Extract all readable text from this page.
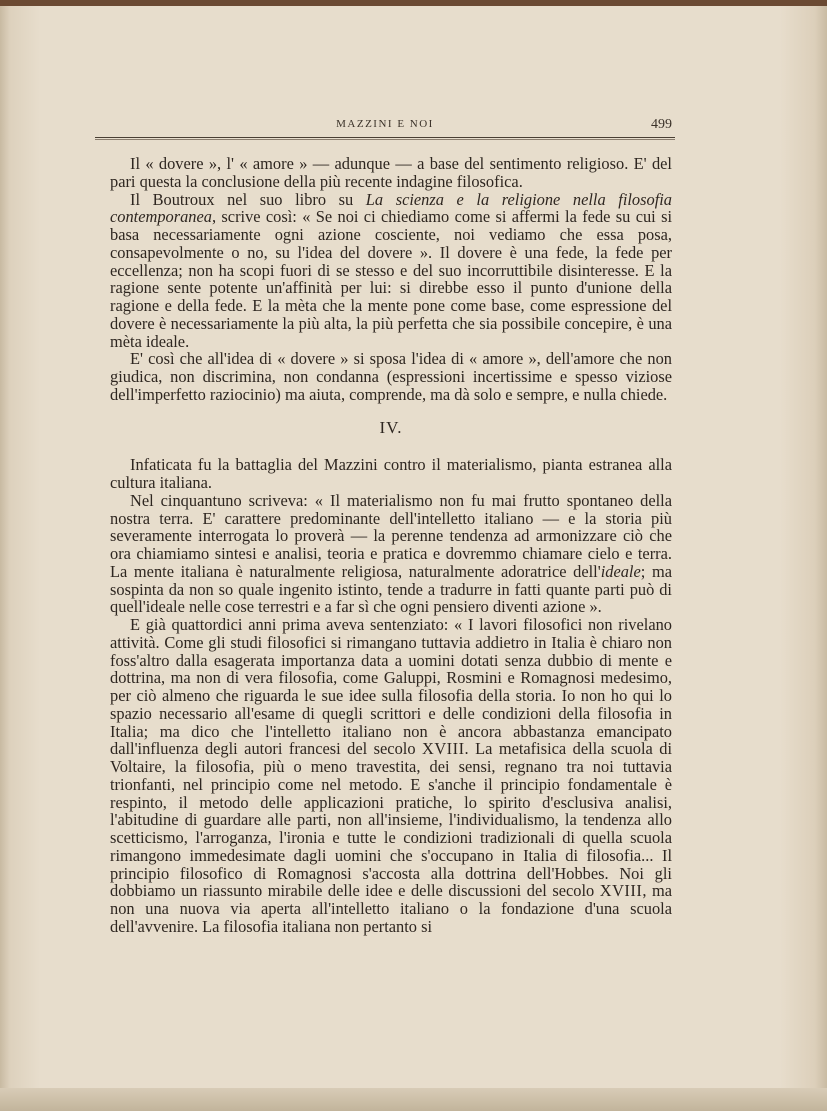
MAZZINI E NOI	499

Il « dovere », l' « amore » — adunque — a base del sentimento religioso. E' del pari questa la conclusione della più recente indagine filosofica.

Il Boutroux nel suo libro su La scienza e la religione nella filosofia contemporanea, scrive così: « Se noi ci chiediamo come si affermi la fede su cui si basa necessariamente ogni azione cosciente, noi vediamo che essa posa, consapevolmente o no, su l'idea del dovere ». Il dovere è una fede, la fede per eccellenza; non ha scopi fuori di se stesso e del suo incorruttibile disinteresse. E la ragione sente potente un'affinità per lui: si direbbe esso il punto d'unione della ragione e della fede. E la mèta che la mente pone come base, come espressione del dovere è necessariamente la più alta, la più perfetta che sia possibile concepire, è una mèta ideale.

E' così che all'idea di « dovere » si sposa l'idea di « amore », dell'amore che non giudica, non discrimina, non condanna (espressioni incertissime e spesso viziose dell'imperfetto raziocinio) ma aiuta, comprende, ma dà solo e sempre, e nulla chiede.

IV.

Infaticata fu la battaglia del Mazzini contro il materialismo, pianta estranea alla cultura italiana.

Nel cinquantuno scriveva: « Il materialismo non fu mai frutto spontaneo della nostra terra. E' carattere predominante dell'intelletto italiano — e la storia più severamente interrogata lo proverà — la perenne tendenza ad armonizzare ciò che ora chiamiamo sintesi e analisi, teoria e pratica e dovremmo chiamare cielo e terra. La mente italiana è naturalmente religiosa, naturalmente adoratrice dell'ideale; ma sospinta da non so quale ingenito istinto, tende a tradurre in fatti quante parti può di quell'ideale nelle cose terrestri e a far sì che ogni pensiero diventi azione ».

E già quattordici anni prima aveva sentenziato: « I lavori filosofici non rivelano attività. Come gli studi filosofici si rimangano tuttavia addietro in Italia è chiaro non foss'altro dalla esagerata importanza data a uomini dotati senza dubbio di mente e dottrina, ma non di vera filosofia, come Galuppi, Rosmini e Romagnosi medesimo, per ciò almeno che riguarda le sue idee sulla filosofia della storia. Io non ho qui lo spazio necessario all'esame di quegli scrittori e delle condizioni della filosofia in Italia; ma dico che l'intelletto italiano non è ancora abbastanza emancipato dall'influenza degli autori francesi del secolo XVIII. La metafisica della scuola di Voltaire, la filosofia, più o meno travestita, dei sensi, regnano tra noi tuttavia trionfanti, nel principio come nel metodo. E s'anche il principio fondamentale è respinto, il metodo delle applicazioni pratiche, lo spirito d'esclusiva analisi, l'abitudine di guardare alle parti, non all'insieme, l'individualismo, la tendenza allo scetticismo, l'arroganza, l'ironia e tutte le condizioni tradizionali di quella scuola rimangono immedesimate dagli uomini che s'occupano in Italia di filosofia... Il principio filosofico di Romagnosi s'accosta alla dottrina dell'Hobbes. Noi gli dobbiamo un riassunto mirabile delle idee e delle discussioni del secolo XVIII, ma non una nuova via aperta all'intelletto italiano o la fondazione d'una scuola dell'avvenire. La filosofia italiana non pertanto si
